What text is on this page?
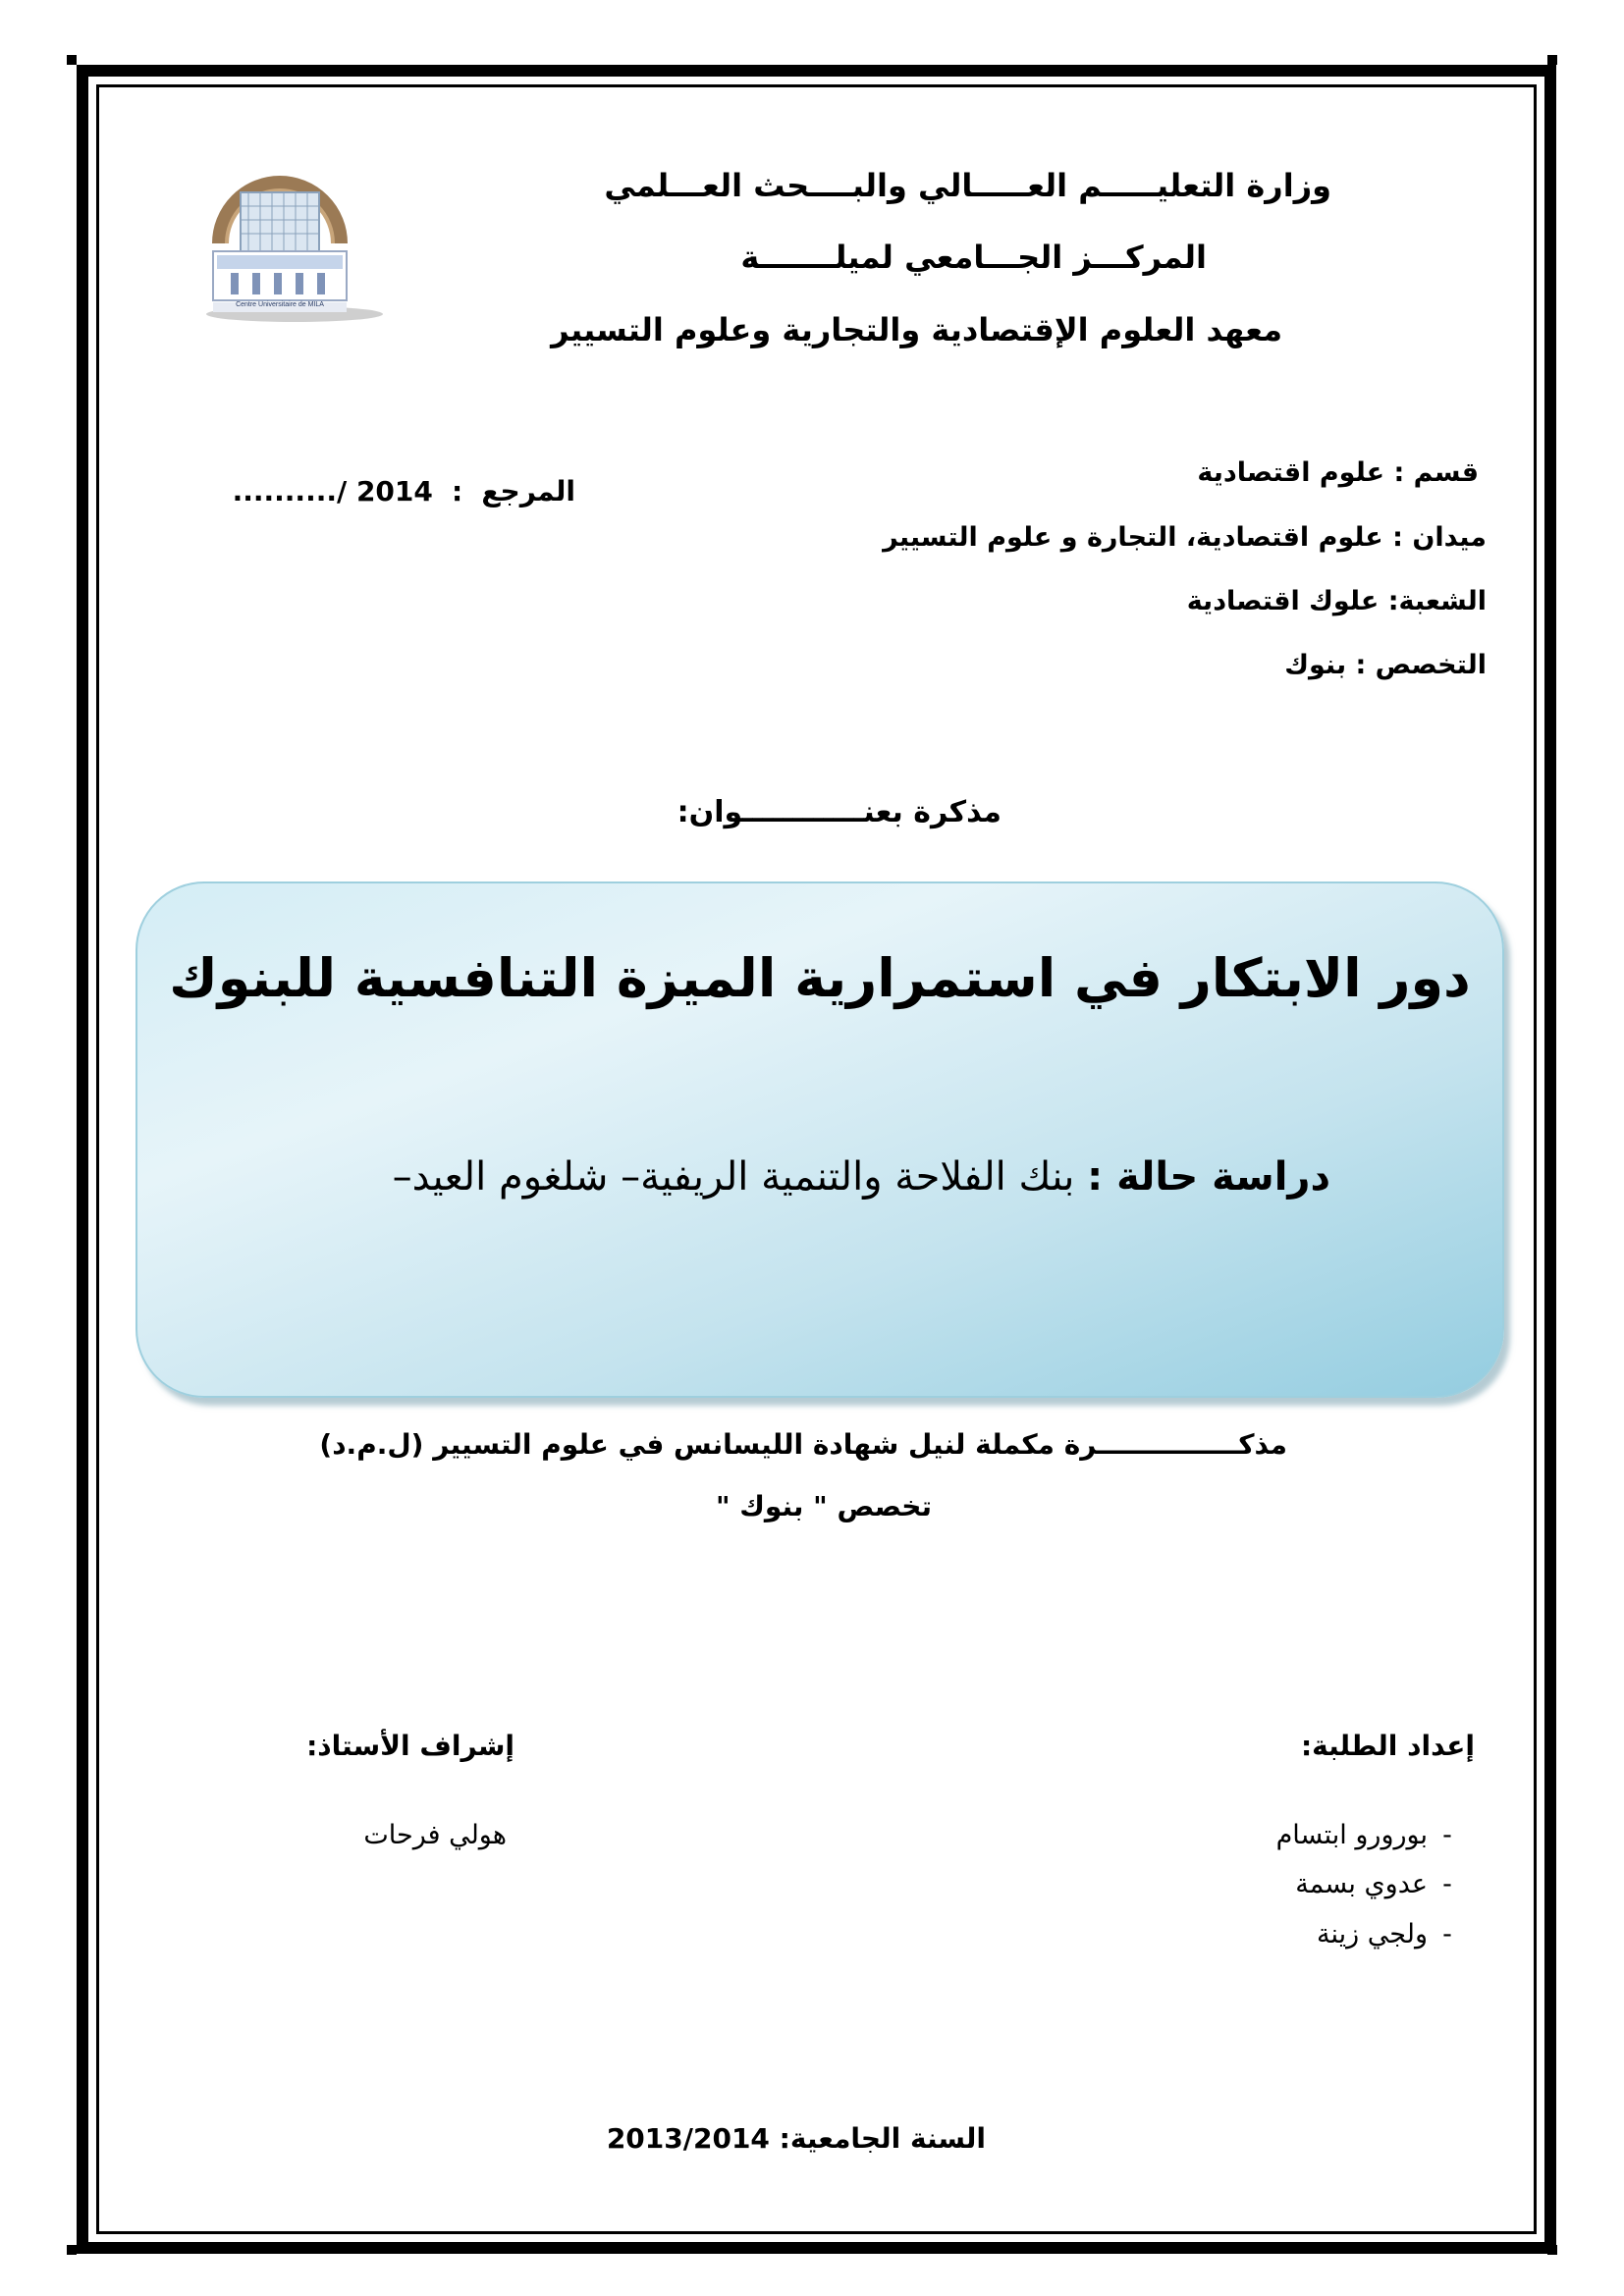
Centre Universitaire de MILA
وزارة التعليـــــم العـــــالي والبــــحث العـــلمي
المركـــز الجـــامعي لميلـــــــة
معهد العلوم الإقتصادية والتجارية وعلوم التسيير
المرجع : ........../ 2014
قسم : علوم اقتصادية
ميدان : علوم اقتصادية، التجارة و علوم التسيير
الشعبة: علوك اقتصادية
التخصص : بنوك
مذكرة بعنــــــــــــوان:
دور الابتكار في استمرارية الميزة التنافسية للبنوك
دراسة حالة : بنك الفلاحة والتنمية الريفية– شلغوم العيد–
مذكـــــــــــــــرة مكملة لنيل شهادة الليسانس في علوم التسيير (ل.م.د)
تخصص " بنوك "
إعداد الطلبة:
-بورورو ابتسام
-عدوي بسمة
-ولجي زينة
إشراف الأستاذ:
هولي فرحات
السنة الجامعية: 2013/2014
